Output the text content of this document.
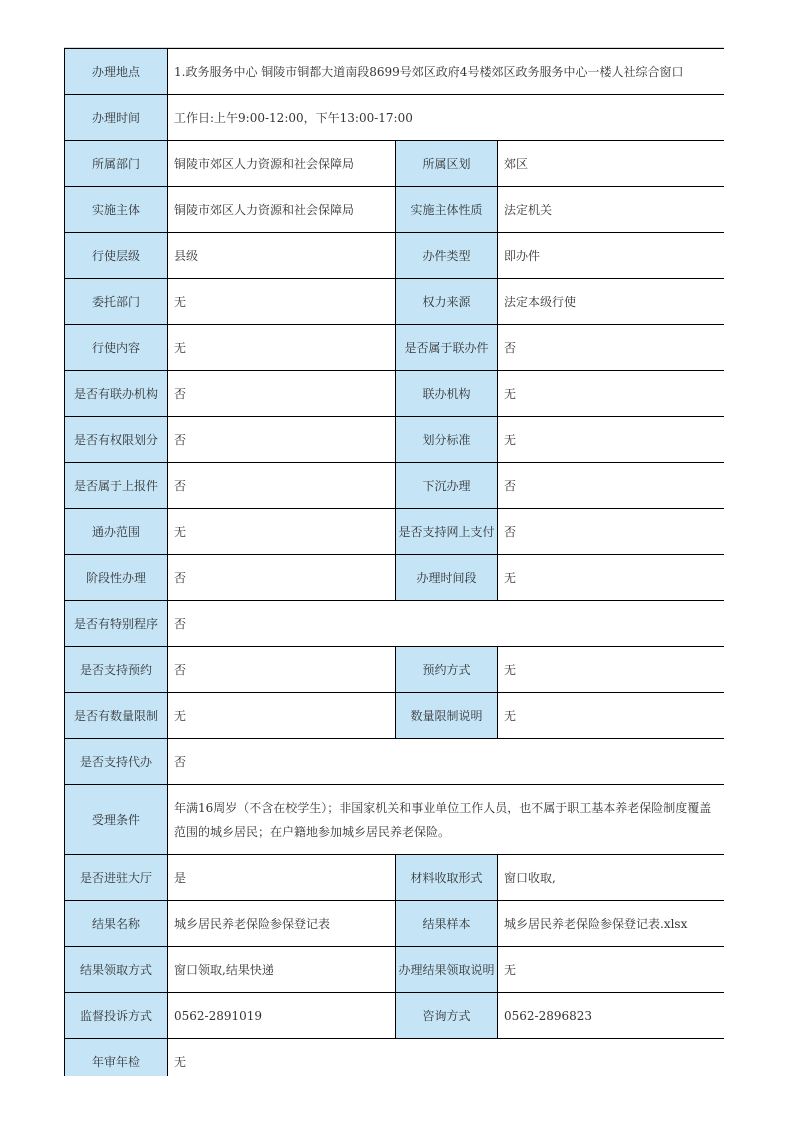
办理地点	1.政务服务中心 铜陵市铜都大道南段8699号郊区政府4号楼郊区政务服务中心一楼人社综合窗口		
办理时间	工作日:上午9:00-12:00，下午13:00-17:00		
所属部门	铜陵市郊区人力资源和社会保障局	所属区划	郊区
实施主体	铜陵市郊区人力资源和社会保障局	实施主体性质	法定机关
行使层级	县级	办件类型	即办件
委托部门	无	权力来源	法定本级行使
行使内容	无	是否属于联办件	否
是否有联办机构	否	联办机构	无
是否有权限划分	否	划分标准	无
是否属于上报件	否	下沉办理	否
通办范围	无	是否支持网上支付	否
阶段性办理	否	办理时间段	无
是否有特别程序	否		
是否支持预约	否	预约方式	无
是否有数量限制	无	数量限制说明	无
是否支持代办	否		
受理条件	年满16周岁（不含在校学生）；非国家机关和事业单位工作人员，也不属于职工基本养老保险制度覆盖范围的城乡居民；在户籍地参加城乡居民养老保险。		
是否进驻大厅	是	材料收取形式	窗口收取,
结果名称	城乡居民养老保险参保登记表	结果样本	城乡居民养老保险参保登记表.xlsx
结果领取方式	窗口领取,结果快递	办理结果领取说明	无
监督投诉方式	0562-2891019	咨询方式	0562-2896823
年审年检	无		
